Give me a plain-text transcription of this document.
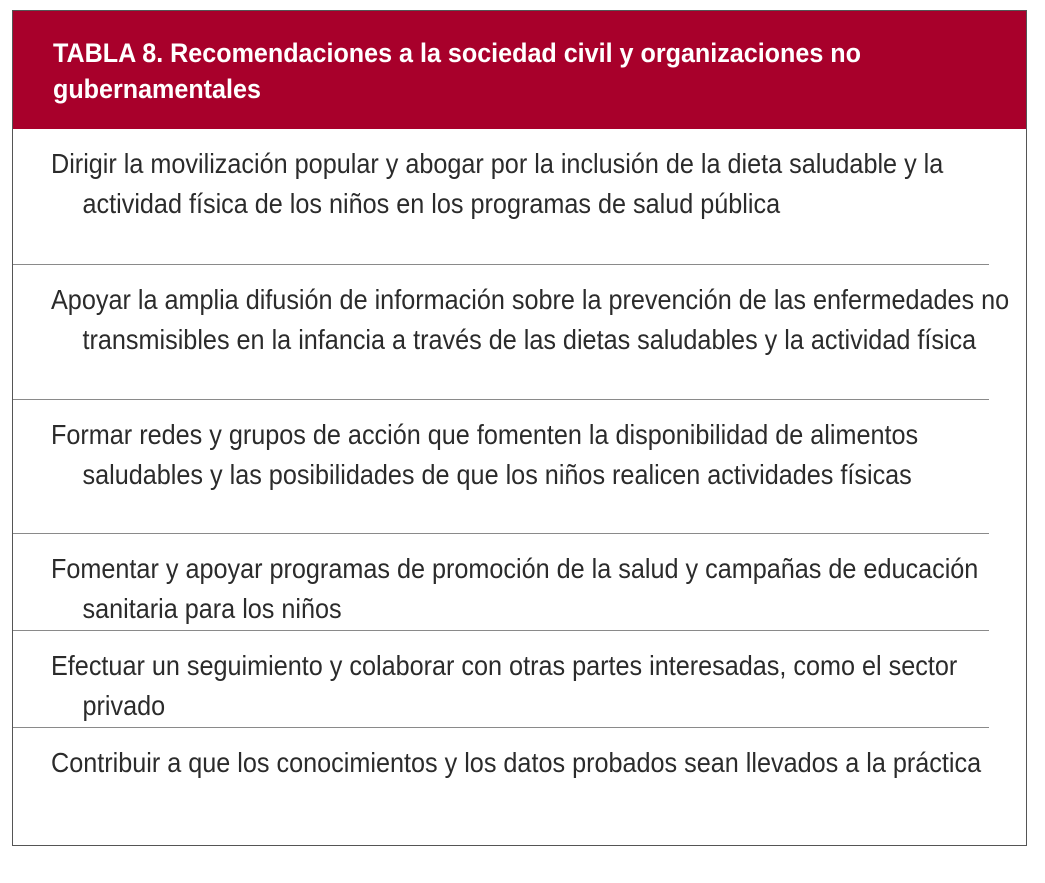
TABLA 8. Recomendaciones a la sociedad civil y organizaciones no gubernamentales
Dirigir la movilización popular y abogar por la inclusión de la dieta saludable y la actividad física de los niños en los programas de salud pública
Apoyar la amplia difusión de información sobre la prevención de las enfermedades no transmisibles en la infancia a través de las dietas saludables y la actividad física
Formar redes y grupos de acción que fomenten la disponibilidad de alimentos saludables y las posibilidades de que los niños realicen actividades físicas
Fomentar y apoyar programas de promoción de la salud y campañas de educación sanitaria para los niños
Efectuar un seguimiento y colaborar con otras partes interesadas, como el sector privado
Contribuir a que los conocimientos y los datos probados sean llevados a la práctica
